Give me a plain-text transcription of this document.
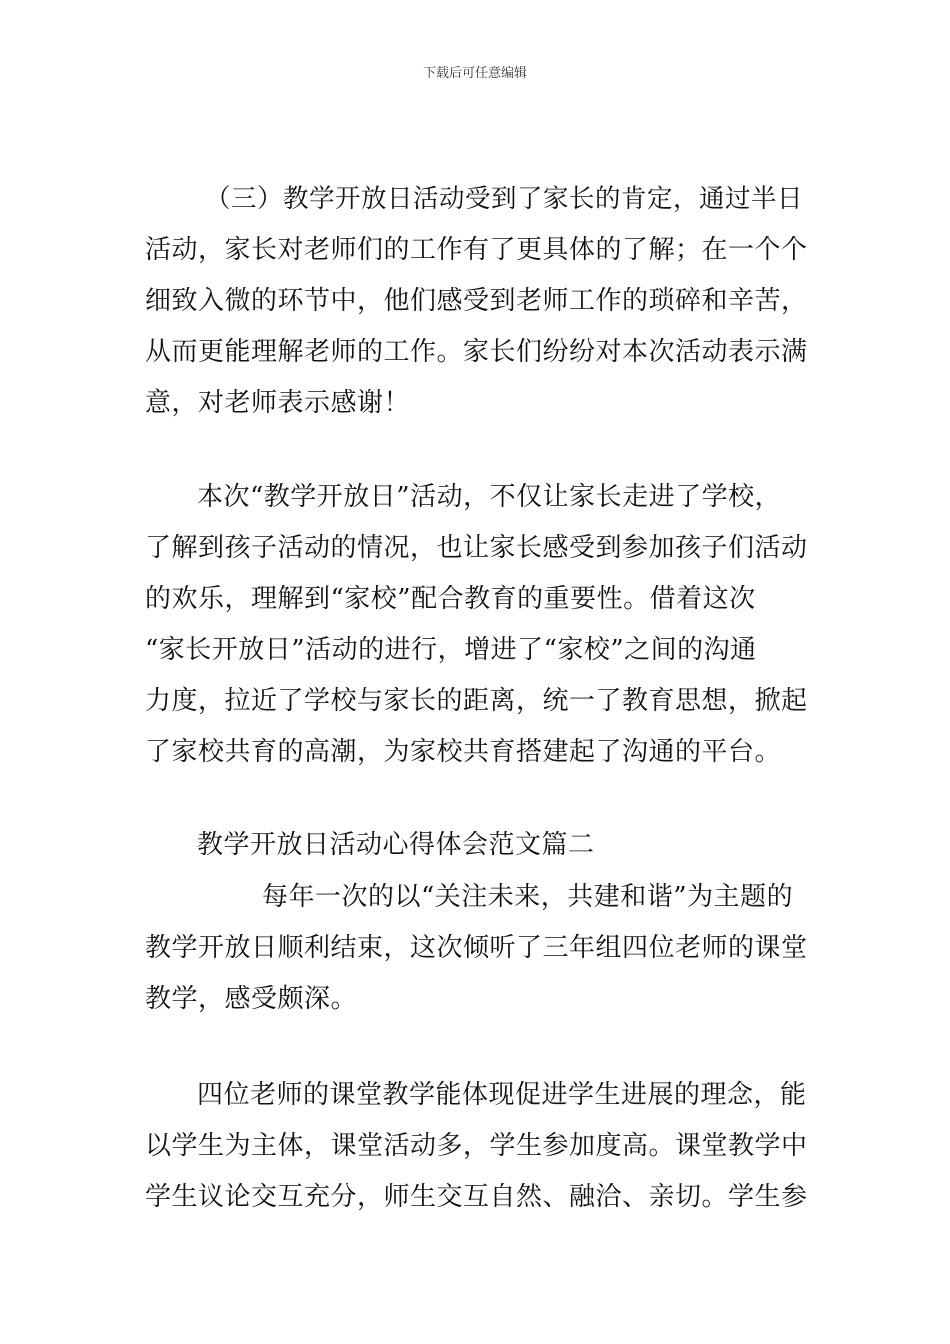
下载后可任意编辑
（三）教学开放日活动受到了家长的肯定，通过半日
活动，家长对老师们的工作有了更具体的了解；在一个个
细致入微的环节中，他们感受到老师工作的琐碎和辛苦，
从而更能理解老师的工作。家长们纷纷对本次活动表示满
意，对老师表示感谢！
本次“教学开放日”活动，不仅让家长走进了学校，
了解到孩子活动的情况，也让家长感受到参加孩子们活动
的欢乐，理解到“家校”配合教育的重要性。借着这次
“家长开放日”活动的进行，增进了“家校”之间的沟通
力度，拉近了学校与家长的距离，统一了教育思想，掀起
了家校共育的高潮，为家校共育搭建起了沟通的平台。
教学开放日活动心得体会范文篇二
每年一次的以“关注未来，共建和谐”为主题的
教学开放日顺利结束，这次倾听了三年组四位老师的课堂
教学，感受颇深。
四位老师的课堂教学能体现促进学生进展的理念，能
以学生为主体，课堂活动多，学生参加度高。课堂教学中
学生议论交互充分，师生交互自然、融洽、亲切。学生参
